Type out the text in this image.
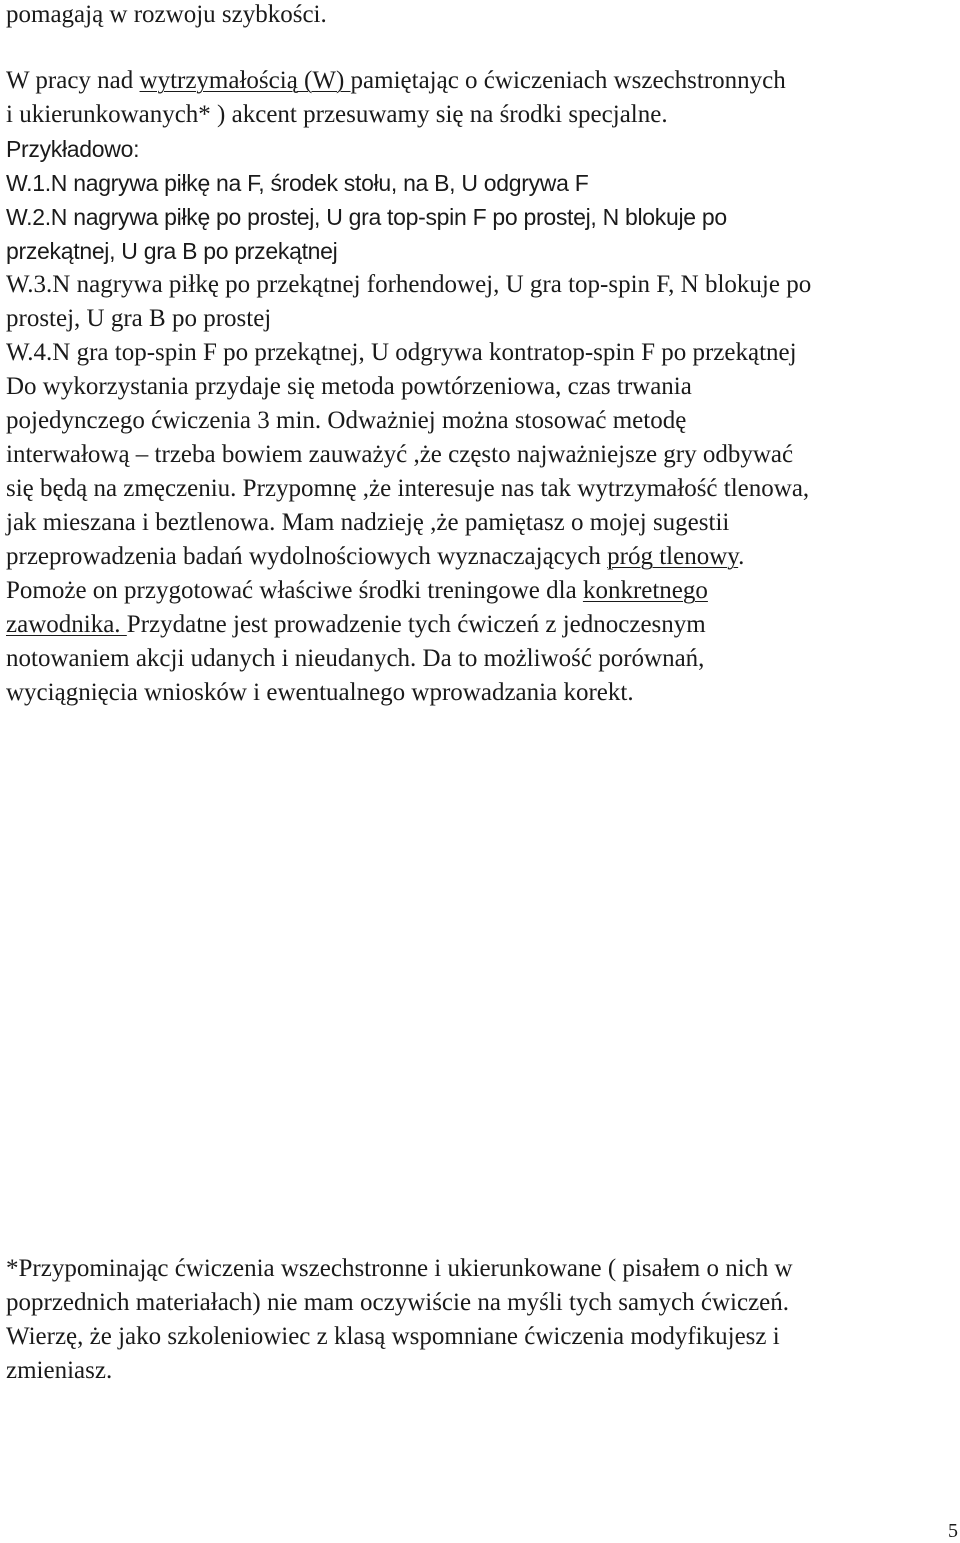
pomagają w rozwoju szybkości.
W pracy nad wytrzymałością (W) pamiętając o ćwiczeniach wszechstronnych
i ukierunkowanych* ) akcent przesuwamy się na środki specjalne.
Przykładowo:
W.1.N nagrywa piłkę na F, środek stołu, na B, U odgrywa F
W.2.N nagrywa piłkę po prostej, U gra top-spin F po prostej, N blokuje po
przekątnej, U gra B po przekątnej
W.3.N nagrywa piłkę po przekątnej forhendowej, U gra top-spin F, N blokuje po
prostej, U gra B po prostej
W.4.N gra top-spin F po przekątnej, U odgrywa kontratop-spin F po przekątnej
Do wykorzystania przydaje się metoda powtórzeniowa, czas trwania
pojedynczego ćwiczenia 3 min. Odważniej można stosować metodę
interwałową – trzeba bowiem zauważyć ,że często najważniejsze gry odbywać
się będą na zmęczeniu. Przypomnę ,że interesuje nas tak wytrzymałość tlenowa,
jak mieszana i beztlenowa. Mam nadzieję ,że pamiętasz o mojej sugestii
przeprowadzenia badań wydolnościowych wyznaczających próg tlenowy.
Pomoże on przygotować właściwe środki treningowe dla konkretnego
zawodnika. Przydatne jest prowadzenie tych ćwiczeń z jednoczesnym
notowaniem akcji udanych i nieudanych. Da to możliwość porównań,
wyciągnięcia wniosków i ewentualnego wprowadzania korekt.
*Przypominając ćwiczenia wszechstronne i ukierunkowane ( pisałem o nich w
poprzednich materiałach) nie mam oczywiście na myśli tych samych ćwiczeń.
Wierzę, że jako szkoleniowiec z klasą wspomniane ćwiczenia modyfikujesz i
zmieniasz.
5
